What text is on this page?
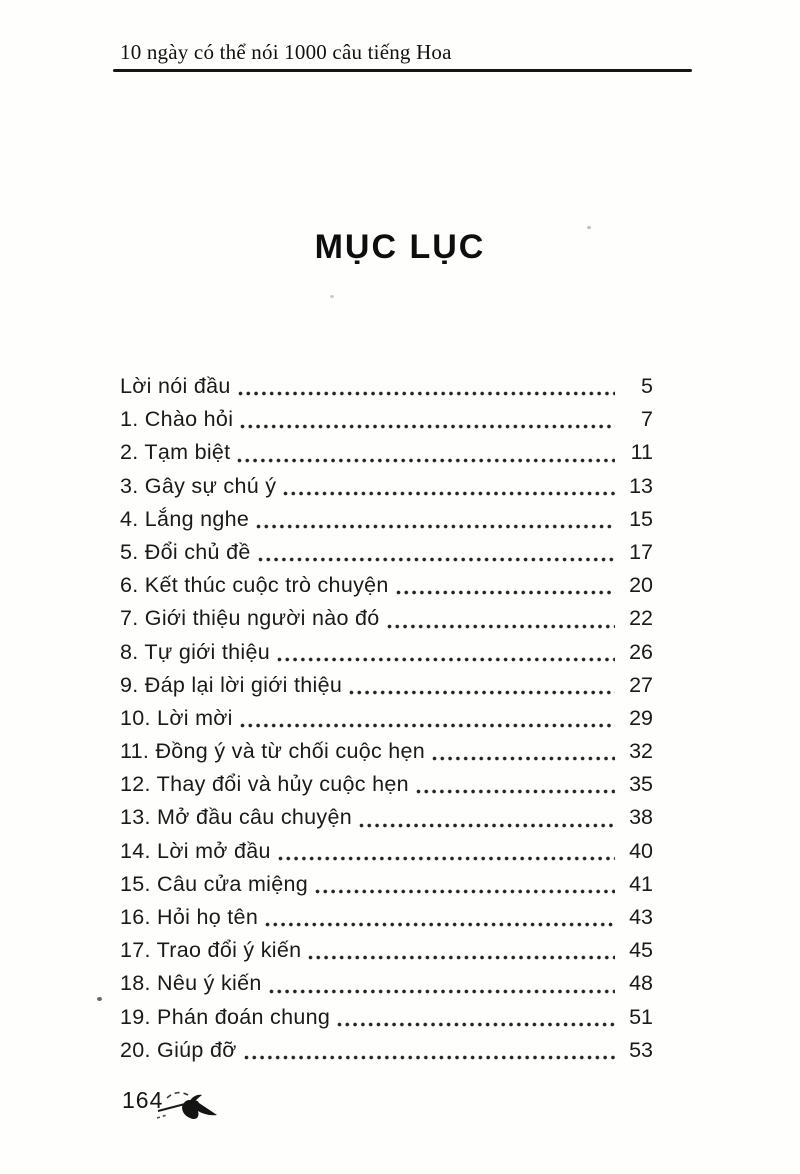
10 ngày có thể nói 1000 câu tiếng Hoa
MỤC LỤC
Lời nói đầu	5
1. Chào hỏi	7
2. Tạm biệt	11
3. Gây sự chú ý	13
4. Lắng nghe	15
5. Đổi chủ đề	17
6. Kết thúc cuộc trò chuyện	20
7. Giới thiệu người nào đó	22
8. Tự giới thiệu	26
9. Đáp lại lời giới thiệu	27
10. Lời mời	29
11. Đồng ý và từ chối cuộc hẹn	32
12. Thay đổi và hủy cuộc hẹn	35
13. Mở đầu câu chuyện	38
14. Lời mở đầu	40
15. Câu cửa miệng	41
16. Hỏi họ tên	43
17. Trao đổi ý kiến	45
18. Nêu ý kiến	48
19. Phán đoán chung	51
20. Giúp đỡ	53
164
